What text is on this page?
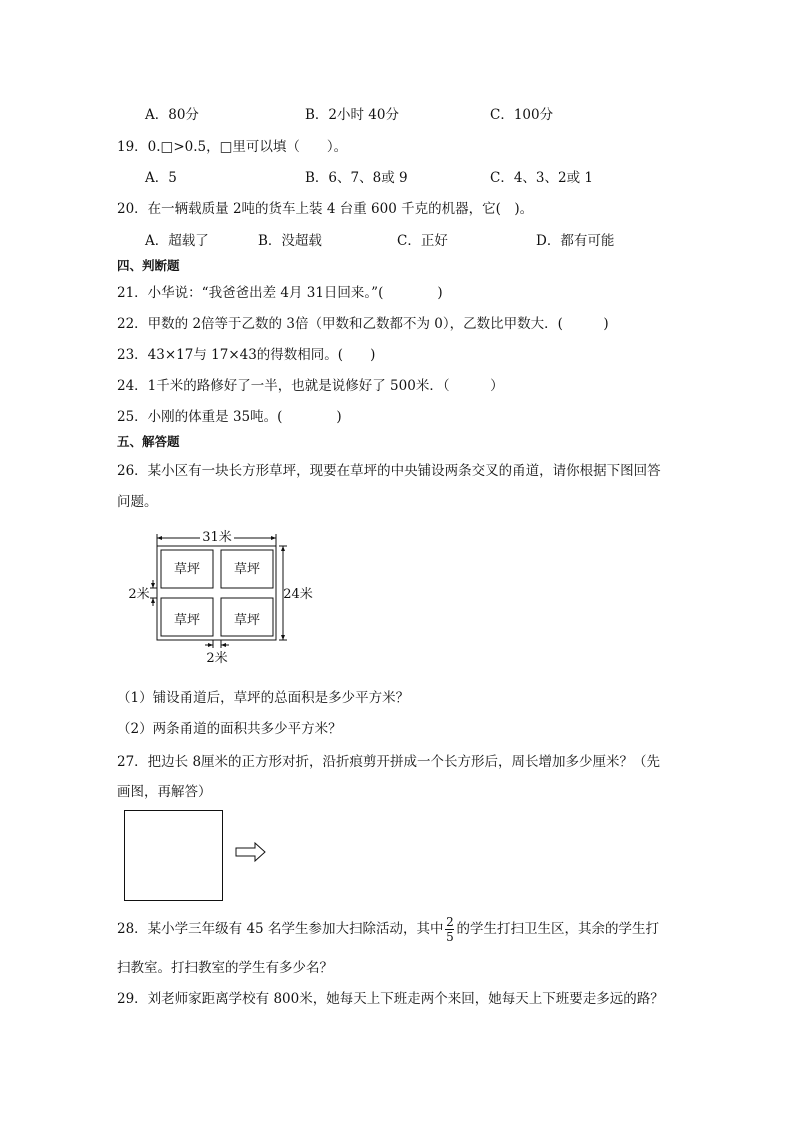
A．80分	B．2小时 40分	C．100分
19．0.□>0.5，□里可以填（　　）。
A．5	B．6、7、8或 9	C．4、3、2或 1
20．在一辆载质量 2吨的货车上装 4 台重 600 千克的机器，它(　)。
A．超载了	B．没超载	C．正好	D．都有可能
四、判断题
21．小华说：“我爸爸出差 4月 31日回来。”(　　　　)
22．甲数的 2倍等于乙数的 3倍（甲数和乙数都不为 0），乙数比甲数大．(　　　)
23．43×17与 17×43的得数相同。(　　)
24．1千米的路修好了一半，也就是说修好了 500米．（　　　）
25．小刚的体重是 35吨。(　　　　)
五、解答题
26．某小区有一块长方形草坪，现要在草坪的中央铺设两条交叉的甬道，请你根据下图回答
问题。
31米
24米
2米
2米
草坪	草坪
草坪	草坪
（1）铺设甬道后，草坪的总面积是多少平方米？
（2）两条甬道的面积共多少平方米？
27．把边长 8厘米的正方形对折，沿折痕剪开拼成一个长方形后，周长增加多少厘米？（先
画图，再解答）
28．某小学三年级有 45 名学生参加大扫除活动，其中 $\frac{2}{5}$ 的学生打扫卫生区，其余的学生打
扫教室。打扫教室的学生有多少名？
29．刘老师家距离学校有 800米，她每天上下班走两个来回，她每天上下班要走多远的路？
